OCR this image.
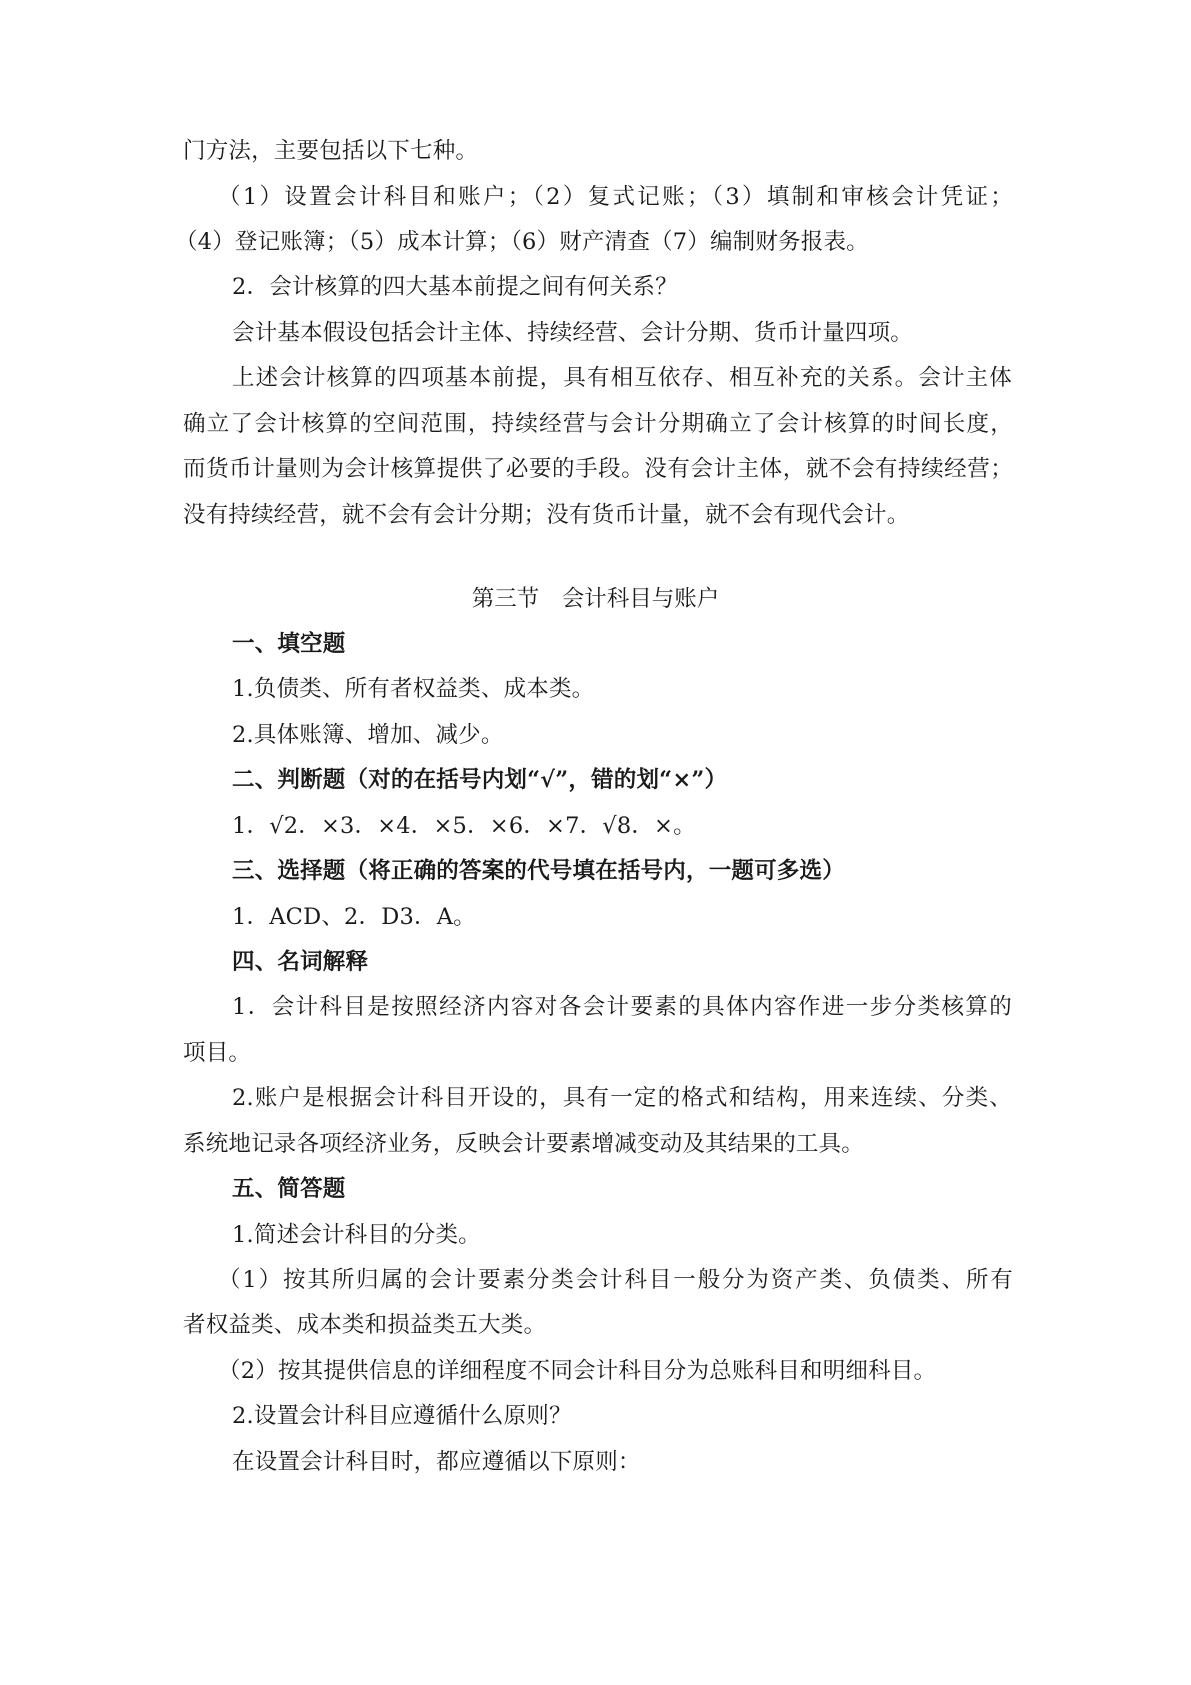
门方法，主要包括以下七种。
（1）设置会计科目和账户；（2）复式记账；（3）填制和审核会计凭证；
（4）登记账簿；（5）成本计算；（6）财产清查（7）编制财务报表。
2．会计核算的四大基本前提之间有何关系？
会计基本假设包括会计主体、持续经营、会计分期、货币计量四项。
上述会计核算的四项基本前提，具有相互依存、相互补充的关系。会计主体
确立了会计核算的空间范围，持续经营与会计分期确立了会计核算的时间长度，
而货币计量则为会计核算提供了必要的手段。没有会计主体，就不会有持续经营；
没有持续经营，就不会有会计分期；没有货币计量，就不会有现代会计。
第三节　会计科目与账户
一、填空题
1.负债类、所有者权益类、成本类。
2.具体账簿、增加、减少。
二、判断题（对的在括号内划“√”，错的划“×”）
1．√2．×3．×4．×5．×6．×7．√8．×。
三、选择题（将正确的答案的代号填在括号内，一题可多选）
1．ACD、2．D3．A。
四、名词解释
1．会计科目是按照经济内容对各会计要素的具体内容作进一步分类核算的
项目。
2.账户是根据会计科目开设的，具有一定的格式和结构，用来连续、分类、
系统地记录各项经济业务，反映会计要素增减变动及其结果的工具。
五、简答题
1.简述会计科目的分类。
（1）按其所归属的会计要素分类会计科目一般分为资产类、负债类、所有
者权益类、成本类和损益类五大类。
（2）按其提供信息的详细程度不同会计科目分为总账科目和明细科目。
2.设置会计科目应遵循什么原则？
在设置会计科目时，都应遵循以下原则：
